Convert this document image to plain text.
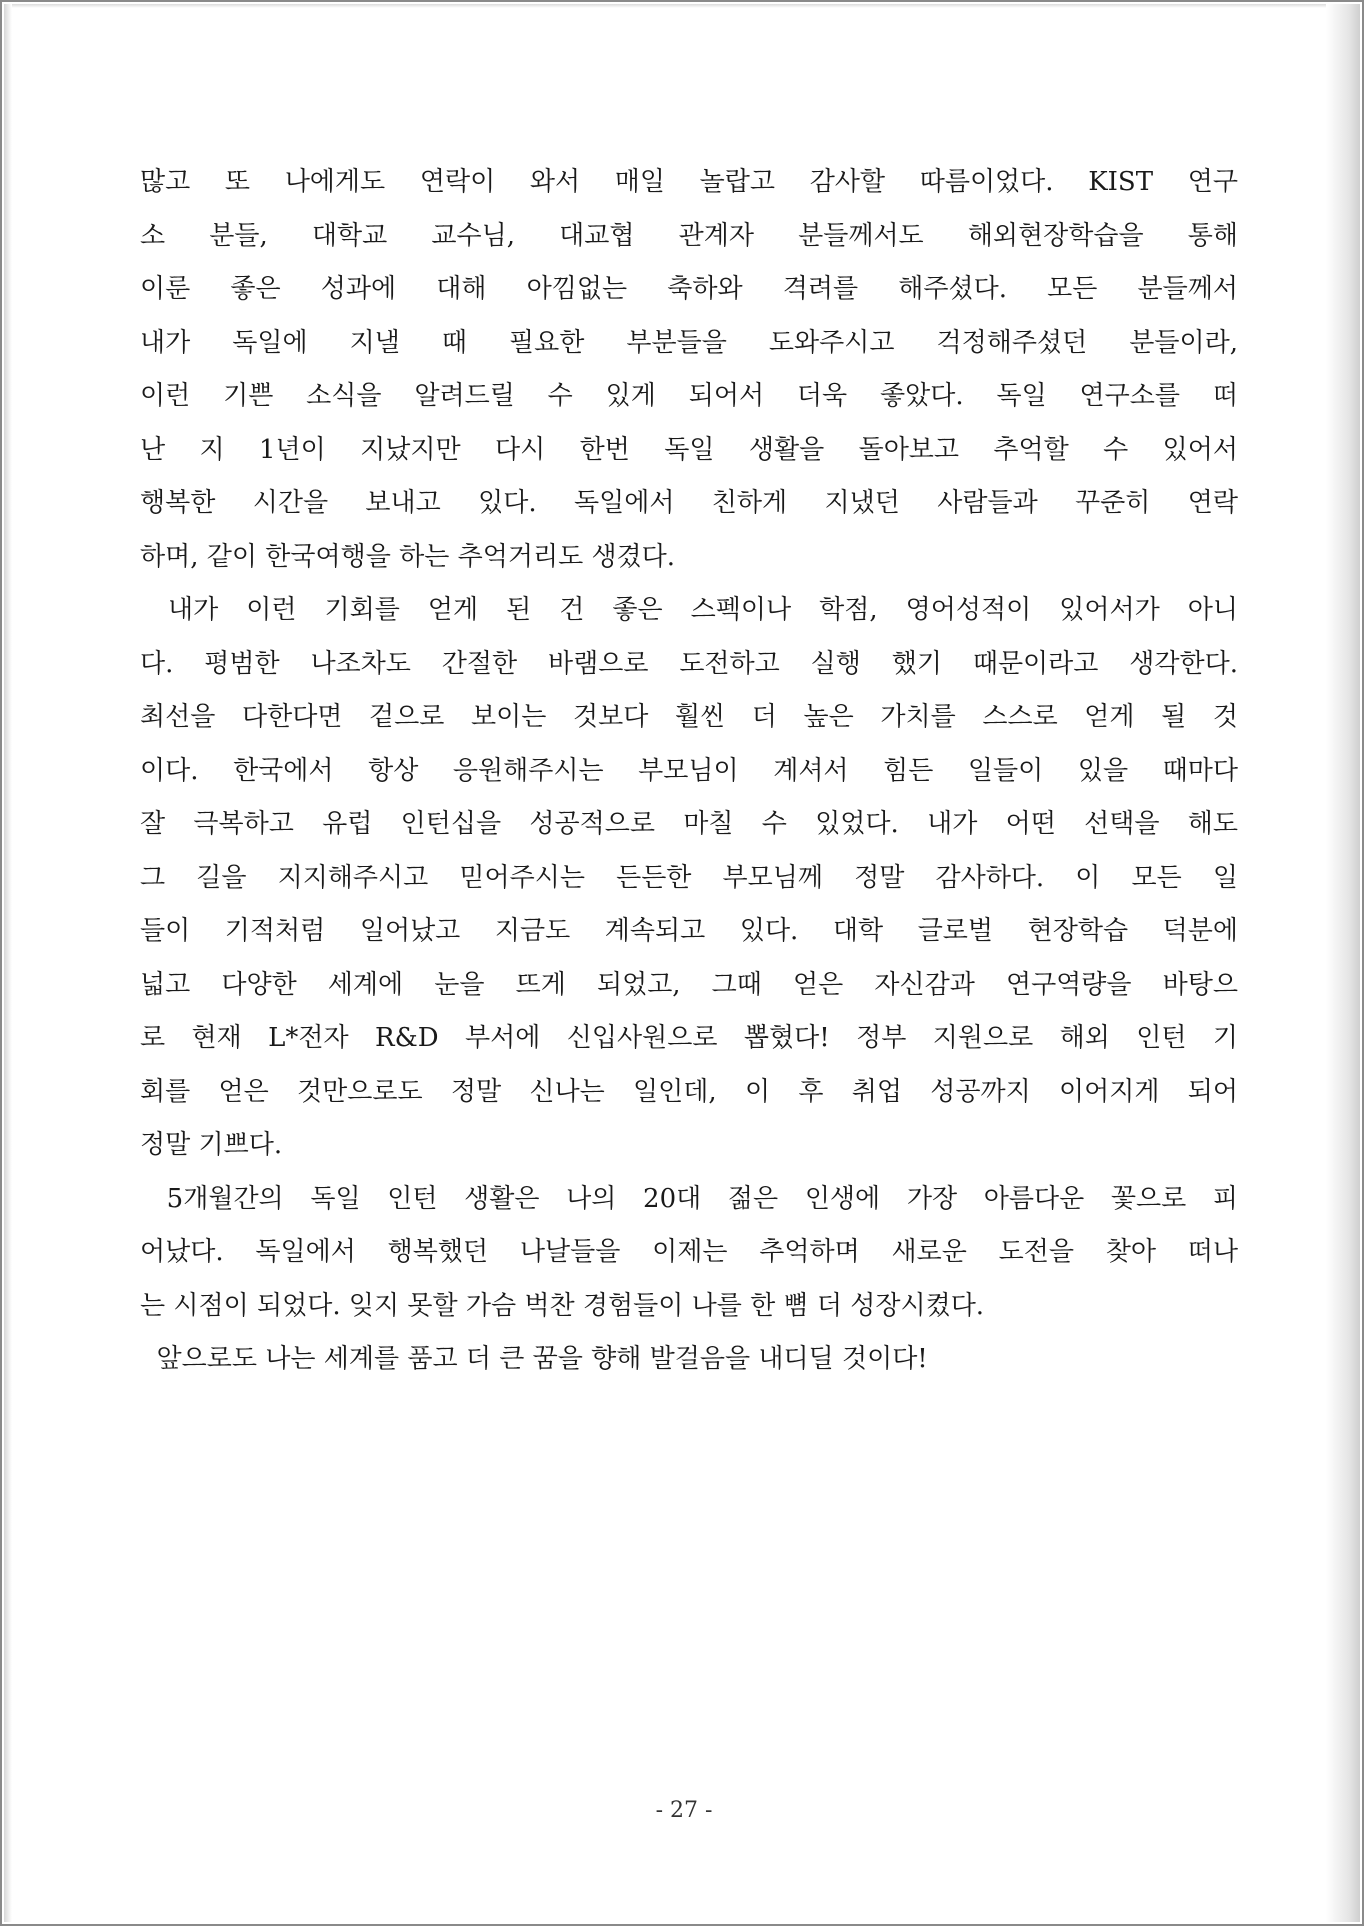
많고 또 나에게도 연락이 와서 매일 놀랍고 감사할 따름이었다. KIST 연구
소 분들, 대학교 교수님, 대교협 관계자 분들께서도 해외현장학습을 통해
이룬 좋은 성과에 대해 아낌없는 축하와 격려를 해주셨다. 모든 분들께서
내가 독일에 지낼 때 필요한 부분들을 도와주시고 걱정해주셨던 분들이라,
이런 기쁜 소식을 알려드릴 수 있게 되어서 더욱 좋았다. 독일 연구소를 떠
난 지 1년이 지났지만 다시 한번 독일 생활을 돌아보고 추억할 수 있어서
행복한 시간을 보내고 있다. 독일에서 친하게 지냈던 사람들과 꾸준히 연락
하며, 같이 한국여행을 하는 추억거리도 생겼다.
내가 이런 기회를 얻게 된 건 좋은 스펙이나 학점, 영어성적이 있어서가 아니
다. 평범한 나조차도 간절한 바램으로 도전하고 실행 했기 때문이라고 생각한다.
최선을 다한다면 겉으로 보이는 것보다 훨씬 더 높은 가치를 스스로 얻게 될 것
이다. 한국에서 항상 응원해주시는 부모님이 계셔서 힘든 일들이 있을 때마다
잘 극복하고 유럽 인턴십을 성공적으로 마칠 수 있었다. 내가 어떤 선택을 해도
그 길을 지지해주시고 믿어주시는 든든한 부모님께 정말 감사하다. 이 모든 일
들이 기적처럼 일어났고 지금도 계속되고 있다. 대학 글로벌 현장학습 덕분에
넓고 다양한 세계에 눈을 뜨게 되었고, 그때 얻은 자신감과 연구역량을 바탕으
로 현재 L*전자 R&D 부서에 신입사원으로 뽑혔다! 정부 지원으로 해외 인턴 기
회를 얻은 것만으로도 정말 신나는 일인데, 이 후 취업 성공까지 이어지게 되어
정말 기쁘다.
5개월간의 독일 인턴 생활은 나의 20대 젊은 인생에 가장 아름다운 꽃으로 피
어났다. 독일에서 행복했던 나날들을 이제는 추억하며 새로운 도전을 찾아 떠나
는 시점이 되었다. 잊지 못할 가슴 벅찬 경험들이 나를 한 뼘 더 성장시켰다.
앞으로도 나는 세계를 품고 더 큰 꿈을 향해 발걸음을 내디딜 것이다!
- 27 -
